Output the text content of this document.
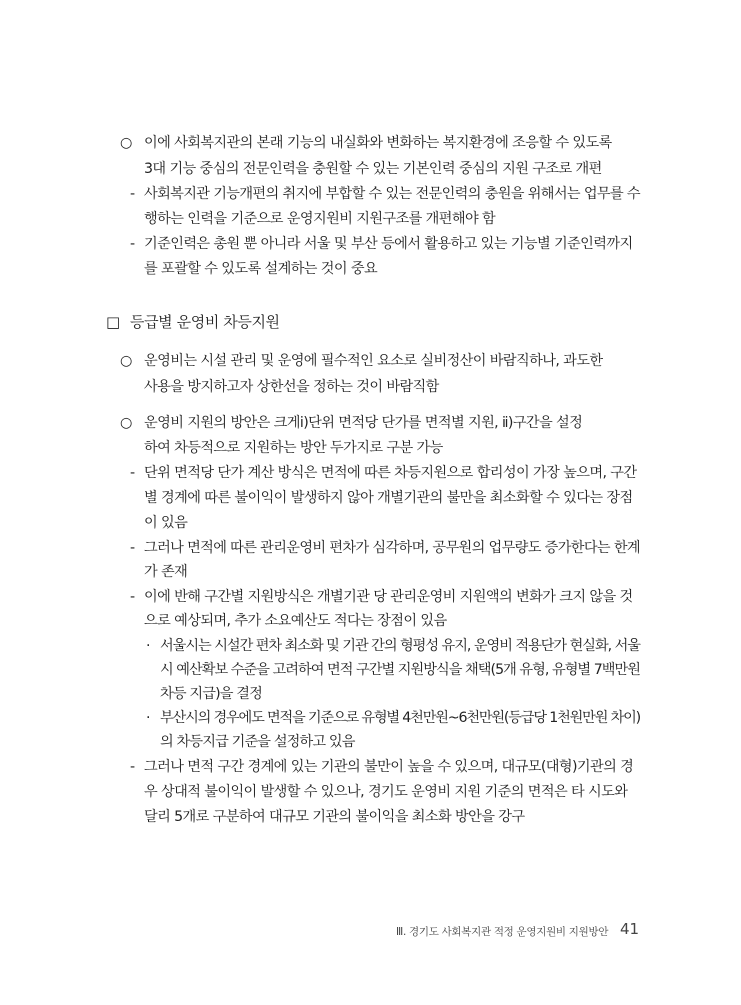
○ 이에 사회복지관의 본래 기능의 내실화와 변화하는 복지환경에 조응할 수 있도록
3대 기능 중심의 전문인력을 충원할 수 있는 기본인력 중심의 지원 구조로 개편
- 사회복지관 기능개편의 취지에 부합할 수 있는 전문인력의 충원을 위해서는 업무를 수
행하는 인력을 기준으로 운영지원비 지원구조를 개편해야 함
- 기준인력은 총원 뿐 아니라 서울 및 부산 등에서 활용하고 있는 기능별 기준인력까지
를 포괄할 수 있도록 설계하는 것이 중요
□ 등급별 운영비 차등지원
○ 운영비는 시설 관리 및 운영에 필수적인 요소로 실비정산이 바람직하나, 과도한
사용을 방지하고자 상한선을 정하는 것이 바람직함
○ 운영비 지원의 방안은 크게ⅰ)단위 면적당 단가를 면적별 지원, ⅱ)구간을 설정
하여 차등적으로 지원하는 방안 두가지로 구분 가능
- 단위 면적당 단가 계산 방식은 면적에 따른 차등지원으로 합리성이 가장 높으며, 구간
별 경계에 따른 불이익이 발생하지 않아 개별기관의 불만을 최소화할 수 있다는 장점
이 있음
- 그러나 면적에 따른 관리운영비 편차가 심각하며, 공무원의 업무량도 증가한다는 한계
가 존재
- 이에 반해 구간별 지원방식은 개별기관 당 관리운영비 지원액의 변화가 크지 않을 것
으로 예상되며, 추가 소요예산도 적다는 장점이 있음
· 서울시는 시설간 편차 최소화 및 기관 간의 형평성 유지, 운영비 적용단가 현실화, 서울
시 예산확보 수준을 고려하여 면적 구간별 지원방식을 채택(5개 유형, 유형별 7백만원
차등 지급)을 결정
· 부산시의 경우에도 면적을 기준으로 유형별 4천만원~6천만원(등급당 1천원만원 차이)
의 차등지급 기준을 설정하고 있음
- 그러나 면적 구간 경계에 있는 기관의 불만이 높을 수 있으며, 대규모(대형)기관의 경
우 상대적 불이익이 발생할 수 있으나, 경기도 운영비 지원 기준의 면적은 타 시도와
달리 5개로 구분하여 대규모 기관의 불이익을 최소화 방안을 강구
Ⅲ. 경기도 사회복지관 적정 운영지원비 지원방안 41
